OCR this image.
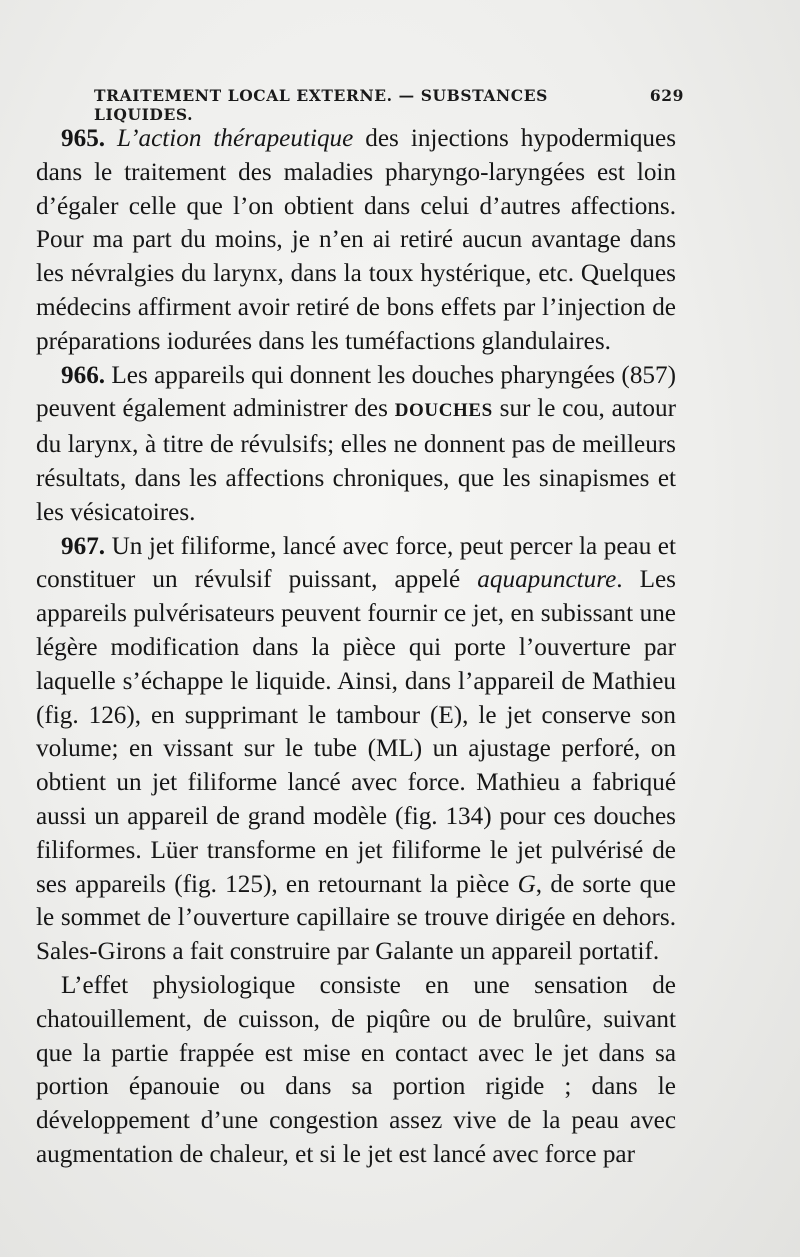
TRAITEMENT LOCAL EXTERNE. — SUBSTANCES LIQUIDES.
629

965. L’action thérapeutique des injections hypodermiques dans le traitement des maladies pharyngo-laryngées est loin d’égaler celle que l’on obtient dans celui d’autres affections. Pour ma part du moins, je n’en ai retiré aucun avantage dans les névralgies du larynx, dans la toux hystérique, etc. Quelques médecins affirment avoir retiré de bons effets par l’injection de préparations iodurées dans les tuméfactions glandulaires.

966. Les appareils qui donnent les douches pharyngées (857) peuvent également administrer des DOUCHES sur le cou, autour du larynx, à titre de révulsifs; elles ne donnent pas de meilleurs résultats, dans les affections chroniques, que les sinapismes et les vésicatoires.

967. Un jet filiforme, lancé avec force, peut percer la peau et constituer un révulsif puissant, appelé aquapuncture. Les appareils pulvérisateurs peuvent fournir ce jet, en subissant une légère modification dans la pièce qui porte l’ouverture par laquelle s’échappe le liquide. Ainsi, dans l’appareil de Mathieu (fig. 126), en supprimant le tambour (E), le jet conserve son volume; en vissant sur le tube (ML) un ajustage perforé, on obtient un jet filiforme lancé avec force. Mathieu a fabriqué aussi un appareil de grand modèle (fig. 134) pour ces douches filiformes. Lüer transforme en jet filiforme le jet pulvérisé de ses appareils (fig. 125), en retournant la pièce G, de sorte que le sommet de l’ouverture capillaire se trouve dirigée en dehors. Sales-Girons a fait construire par Galante un appareil portatif.

L’effet physiologique consiste en une sensation de chatouillement, de cuisson, de piqûre ou de brulûre, suivant que la partie frappée est mise en contact avec le jet dans sa portion épanouie ou dans sa portion rigide ; dans le développement d’une congestion assez vive de la peau avec augmentation de chaleur, et si le jet est lancé avec force par
